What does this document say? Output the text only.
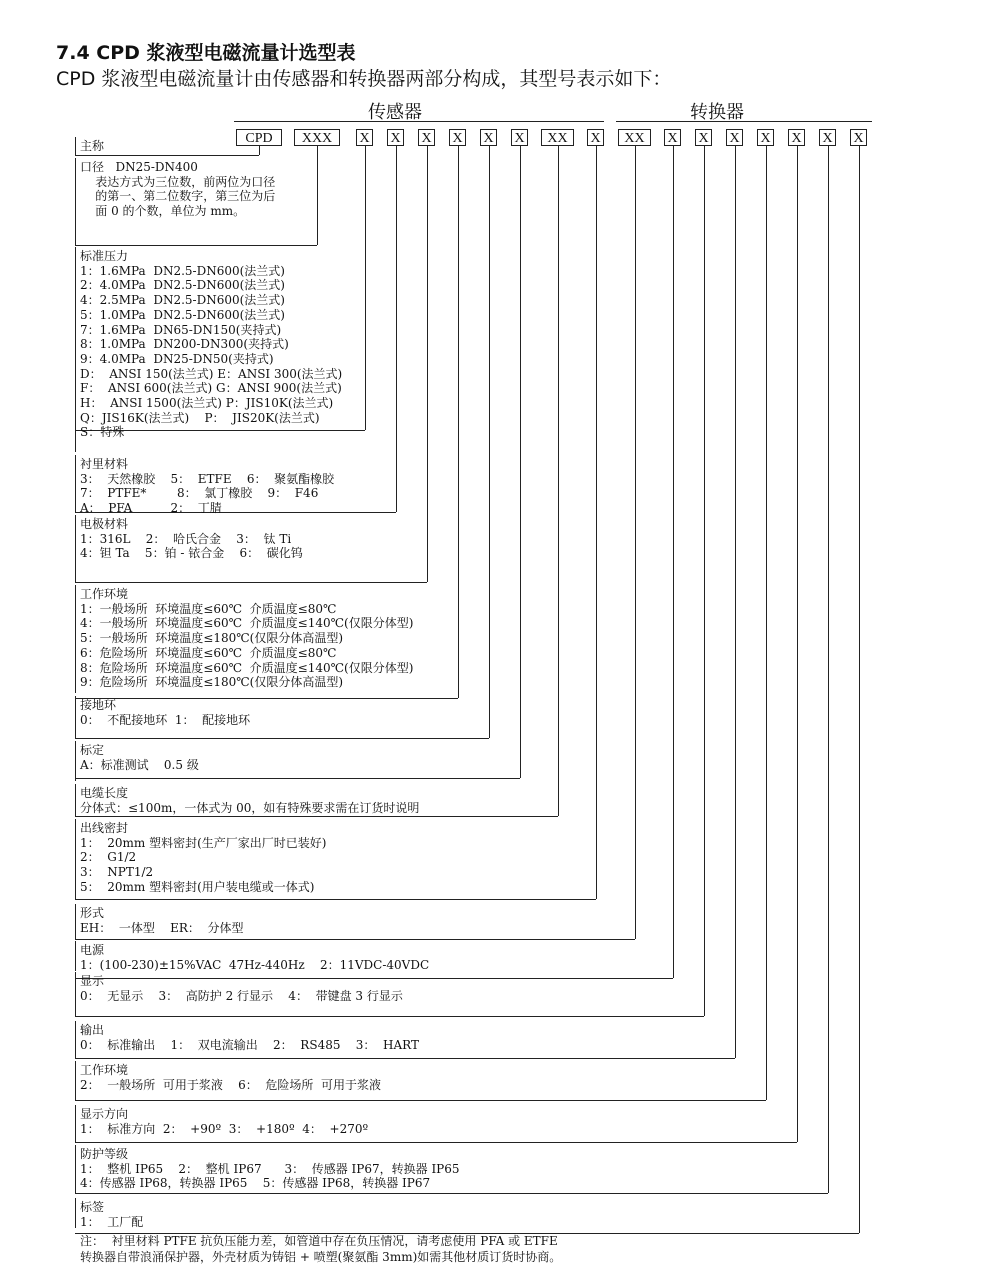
7.4 CPD 浆液型电磁流量计选型表
CPD 浆液型电磁流量计由传感器和转换器两部分构成，其型号表示如下：
传感器	转换器
CPD	XXX	X X X X X X	XX	X	XX	X X X X X X X
主称
口径   DN25-DN400
表达方式为三位数，前两位为口径
的第一、第二位数字，第三位为后
面 0 的个数，单位为 mm。
标准压力
1：1.6MPa  DN2.5-DN600(法兰式)
2：4.0MPa  DN2.5-DN600(法兰式)
4：2.5MPa  DN2.5-DN600(法兰式)
5：1.0MPa  DN2.5-DN600(法兰式)
7：1.6MPa  DN65-DN150(夹持式)
8：1.0MPa  DN200-DN300(夹持式)
9：4.0MPa  DN25-DN50(夹持式)
D：  ANSI 150(法兰式) E：ANSI 300(法兰式)
F：  ANSI 600(法兰式) G：ANSI 900(法兰式)
H：  ANSI 1500(法兰式) P：JIS10K(法兰式)
Q：JIS16K(法兰式)    P：  JIS20K(法兰式)
S：特殊
衬里材料
3：  天然橡胶    5：  ETFE    6：  聚氨酯橡胶
7：  PTFE*        8：  氯丁橡胶    9：  F46
A：  PFA          2：  丁腈
电极材料
1：316L    2：  哈氏合金    3：  钛 Ti
4：钽 Ta    5：铂 - 铱合金    6：  碳化钨
工作环境
1：一般场所  环境温度≤60℃  介质温度≤80℃
4：一般场所  环境温度≤60℃  介质温度≤140℃(仅限分体型)
5：一般场所  环境温度≤180℃(仅限分体高温型)
6：危险场所  环境温度≤60℃  介质温度≤80℃
8：危险场所  环境温度≤60℃  介质温度≤140℃(仅限分体型)
9：危险场所  环境温度≤180℃(仅限分体高温型)
接地环
0：  不配接地环  1：  配接地环
标定
A：标准测试    0.5 级
电缆长度
分体式：≤100m，一体式为 00，如有特殊要求需在订货时说明
出线密封
1：  20mm 塑料密封(生产厂家出厂时已装好)
2：  G1/2
3：  NPT1/2
5：  20mm 塑料密封(用户装电缆或一体式)
形式
EH：  一体型    ER：  分体型
电源
1：(100-230)±15%VAC  47Hz-440Hz    2：11VDC-40VDC
显示
0：  无显示    3：  高防护 2 行显示    4：  带键盘 3 行显示
输出
0：  标准输出    1：  双电流输出    2：  RS485    3：  HART
工作环境
2：  一般场所  可用于浆液    6：  危险场所  可用于浆液
显示方向
1：  标准方向  2：  +90º  3：  +180º  4：  +270º
防护等级
1：  整机 IP65    2：  整机 IP67      3：  传感器 IP67，转换器 IP65
4：传感器 IP68，转换器 IP65    5：传感器 IP68，转换器 IP67
标签
1：  工厂配
注：  衬里材料 PTFE 抗负压能力差，如管道中存在负压情况，请考虑使用 PFA 或 ETFE
转换器自带浪涌保护器，外壳材质为铸铝 + 喷塑(聚氨酯 3mm)如需其他材质订货时协商。
